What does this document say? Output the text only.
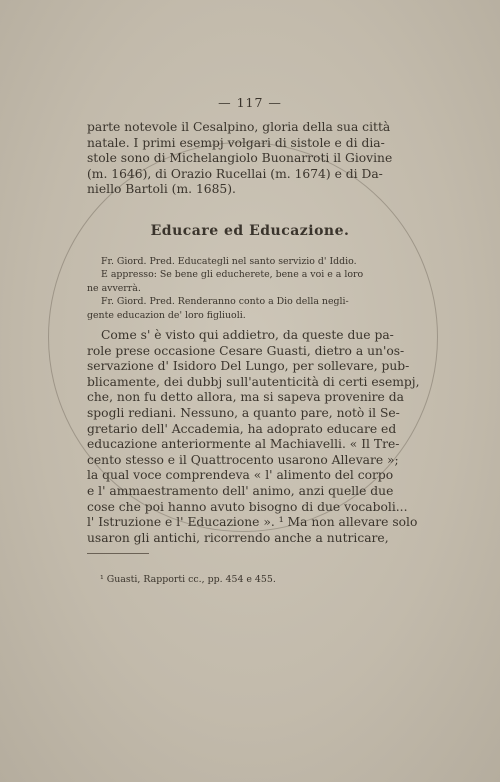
— 117 —
parte notevole il Cesalpino, gloria della sua città
natale. I primi esempj volgari di sistole e di dia-
stole sono di Michelangiolo Buonarroti il Giovine
(m. 1646), di Orazio Rucellai (m. 1674) e di Da-
niello Bartoli (m. 1685).
Educare ed Educazione.
Fr. Giord. Pred. Educategli nel santo servizio d' Iddio.
E appresso: Se bene gli educherete, bene a voi e a loro
ne avverrà.
Fr. Giord. Pred. Renderanno conto a Dio della negli-
gente educazion de' loro figliuoli.
Come s' è visto qui addietro, da queste due pa-
role prese occasione Cesare Guasti, dietro a un'os-
servazione d' Isidoro Del Lungo, per sollevare, pub-
blicamente, dei dubbj sull'autenticità di certi esempj,
che, non fu detto allora, ma si sapeva provenire da
spogli rediani. Nessuno, a quanto pare, notò il Se-
gretario dell' Accademia, ha adoprato educare ed
educazione anteriormente al Machiavelli. « Il Tre-
cento stesso e il Quattrocento usarono Allevare »;
la qual voce comprendeva « l' alimento del corpo
e l' ammaestramento dell' animo, anzi quelle due
cose che poi hanno avuto bisogno di due vocaboli...
l' Istruzione e l' Educazione ». ¹ Ma non allevare solo
usaron gli antichi, ricorrendo anche a nutricare,
¹ Guasti, Rapporti cc., pp. 454 e 455.
